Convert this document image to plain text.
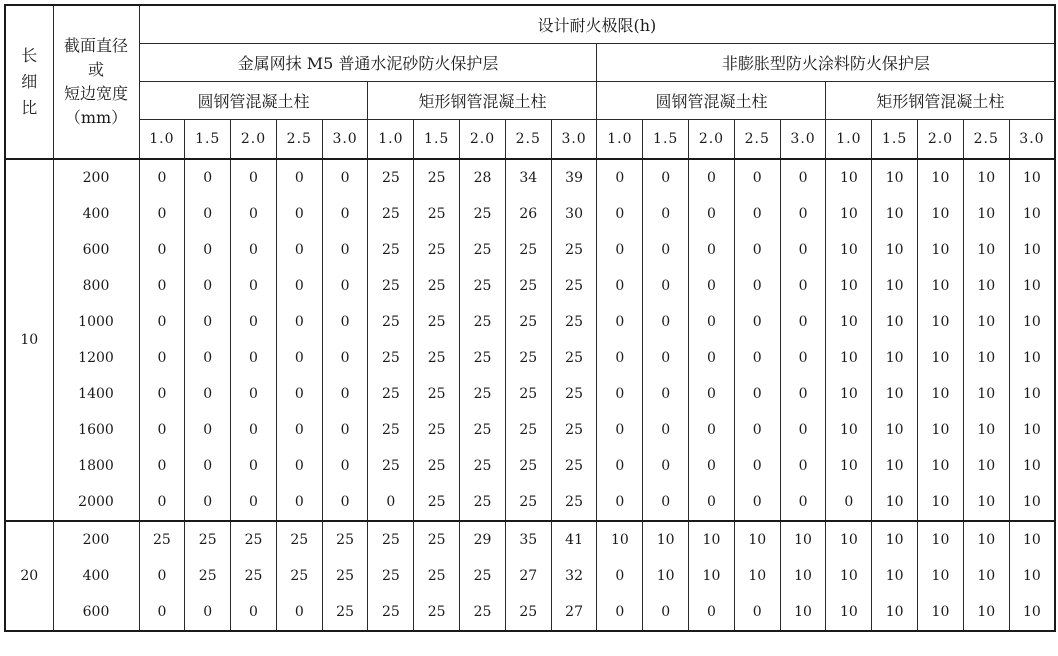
长
细
比	截面直径
或
短边宽度
（mm）	设计耐火极限(h)																			
		金属网抹 M5 普通水泥砂防火保护层										非膨胀型防火涂料防火保护层									
		圆钢管混凝土柱					矩形钢管混凝土柱					圆钢管混凝土柱					矩形钢管混凝土柱				
		1.0	1.5	2.0	2.5	3.0	1.0	1.5	2.0	2.5	3.0	1.0	1.5	2.0	2.5	3.0	1.0	1.5	2.0	2.5	3.0
10	200	0	0	0	0	0	25	25	28	34	39	0	0	0	0	0	10	10	10	10	10
	400	0	0	0	0	0	25	25	25	26	30	0	0	0	0	0	10	10	10	10	10
	600	0	0	0	0	0	25	25	25	25	25	0	0	0	0	0	10	10	10	10	10
	800	0	0	0	0	0	25	25	25	25	25	0	0	0	0	0	10	10	10	10	10
	1000	0	0	0	0	0	25	25	25	25	25	0	0	0	0	0	10	10	10	10	10
	1200	0	0	0	0	0	25	25	25	25	25	0	0	0	0	0	10	10	10	10	10
	1400	0	0	0	0	0	25	25	25	25	25	0	0	0	0	0	10	10	10	10	10
	1600	0	0	0	0	0	25	25	25	25	25	0	0	0	0	0	10	10	10	10	10
	1800	0	0	0	0	0	25	25	25	25	25	0	0	0	0	0	10	10	10	10	10
	2000	0	0	0	0	0	0	25	25	25	25	0	0	0	0	0	0	10	10	10	10
20	200	25	25	25	25	25	25	25	29	35	41	10	10	10	10	10	10	10	10	10	10
	400	0	25	25	25	25	25	25	25	27	32	0	10	10	10	10	10	10	10	10	10
	600	0	0	0	0	25	25	25	25	25	27	0	0	0	0	10	10	10	10	10	10
